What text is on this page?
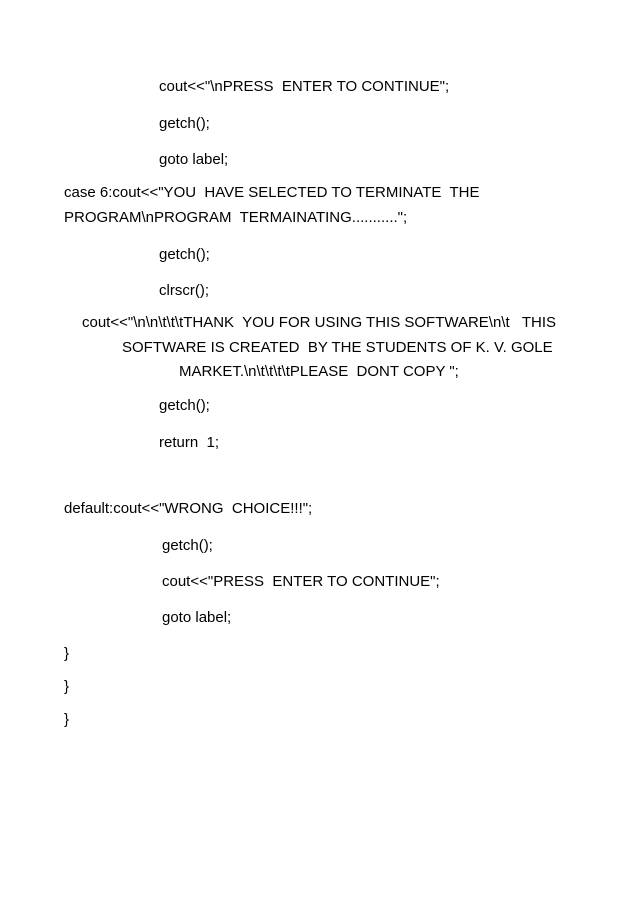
cout<<"\nPRESS  ENTER TO CONTINUE";
getch();
goto label;
case 6:cout<<"YOU  HAVE SELECTED TO TERMINATE  THE
PROGRAM\nPROGRAM  TERMAINATING...........";
getch();
clrscr();
cout<<"\n\n\t\t\tTHANK  YOU FOR USING THIS SOFTWARE\n\t   THIS
SOFTWARE IS CREATED  BY THE STUDENTS OF K. V. GOLE
MARKET.\n\t\t\t\tPLEASE  DONT COPY ";
getch();
return  1;
default:cout<<"WRONG  CHOICE!!!";
getch();
cout<<"PRESS  ENTER TO CONTINUE";
goto label;
}
}
}
